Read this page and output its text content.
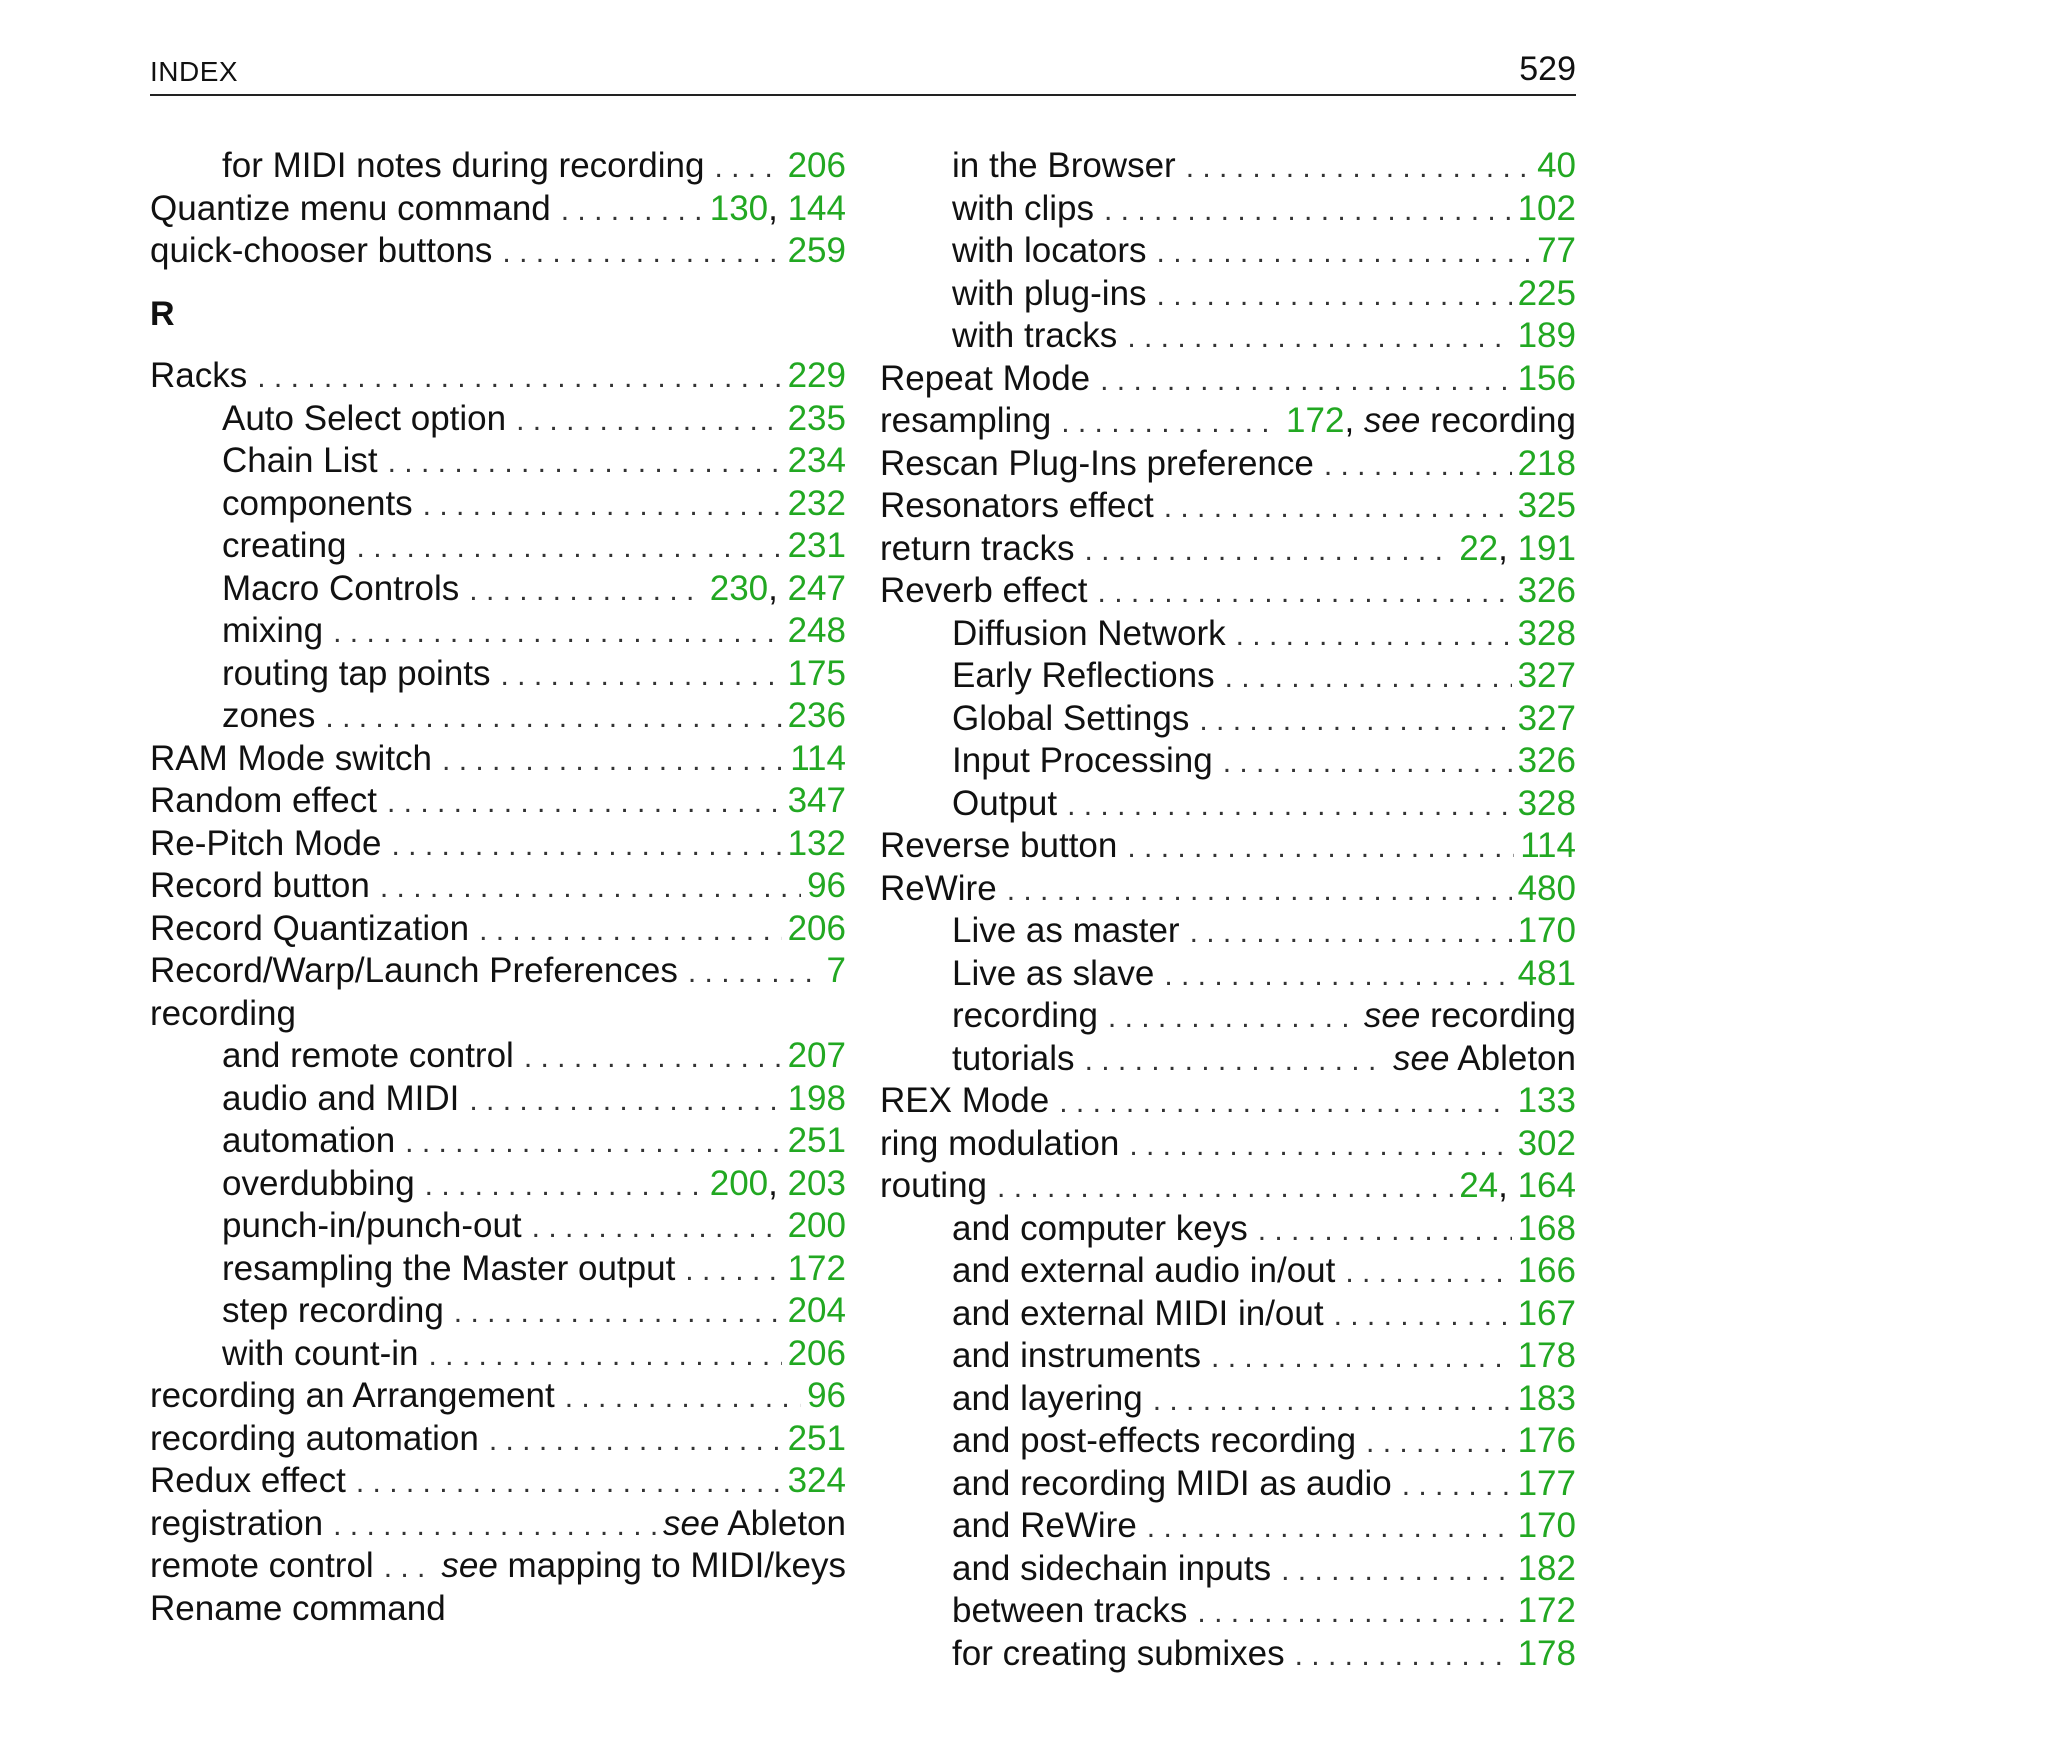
INDEX	529
for MIDI notes during recording . . . 206
Quantize menu command . . .	130, 144
quick-chooser buttons . . .	259
R
Racks . . .	229
Auto Select option . . .	235
Chain List . . .	234
components . . .	232
creating . . .	231
Macro Controls . . .	230, 247
mixing . . .	248
routing tap points . . .	175
zones . . .	236
RAM Mode switch . . .	114
Random effect . . .	347
Re-Pitch Mode . . .	132
Record button . . .	96
Record Quantization . . .	206
Record/Warp/Launch Preferences . . .	7
recording
and remote control . . .	207
audio and MIDI . . .	198
automation . . .	251
overdubbing . . .	200, 203
punch-in/punch-out . . .	200
resampling the Master output . . .	172
step recording . . .	204
with count-in . . .	206
recording an Arrangement . . .	96
recording automation . . .	251
Redux effect . . .	324
registration . . .	see Ableton
remote control . . . see mapping to MIDI/keys
Rename command
in the Browser . . .	40
with clips . . .	102
with locators . . .	77
with plug-ins . . .	225
with tracks . . .	189
Repeat Mode . . .	156
resampling . . .	172, see recording
Rescan Plug-Ins preference . . .	218
Resonators effect . . .	325
return tracks . . .	22, 191
Reverb effect . . .	326
Diffusion Network . . .	328
Early Reflections . . .	327
Global Settings . . .	327
Input Processing . . .	326
Output . . .	328
Reverse button . . .	114
ReWire . . .	480
Live as master . . .	170
Live as slave . . .	481
recording . . .	see recording
tutorials . . .	see Ableton
REX Mode . . .	133
ring modulation . . .	302
routing . . .	24, 164
and computer keys . . .	168
and external audio in/out . . .	166
and external MIDI in/out . . .	167
and instruments . . .	178
and layering . . .	183
and post-effects recording . . .	176
and recording MIDI as audio . . .	177
and ReWire . . .	170
and sidechain inputs . . .	182
between tracks . . .	172
for creating submixes . . .	178
